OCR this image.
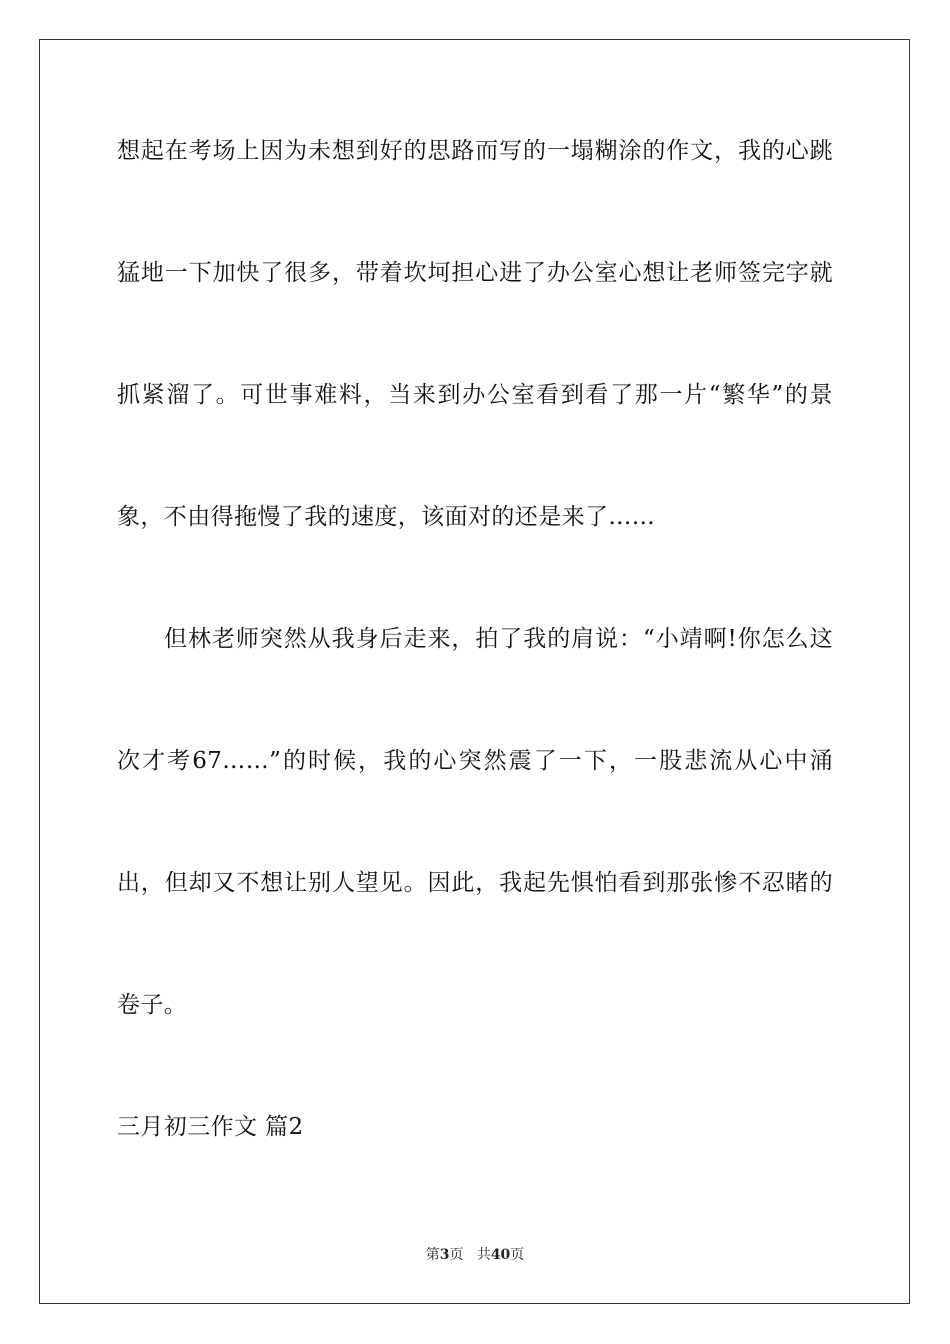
想起在考场上因为未想到好的思路而写的一塌糊涂的作文，我的心跳
猛地一下加快了很多，带着坎坷担心进了办公室心想让老师签完字就
抓紧溜了。可世事难料，当来到办公室看到看了那一片“繁华”的景
象，不由得拖慢了我的速度，该面对的还是来了……
但林老师突然从我身后走来，拍了我的肩说：“小靖啊!你怎么这
次才考67……”的时候，我的心突然震了一下，一股悲流从心中涌
出，但却又不想让别人望见。因此，我起先惧怕看到那张惨不忍睹的
卷子。
三月初三作文 篇2
第3页 共40页
